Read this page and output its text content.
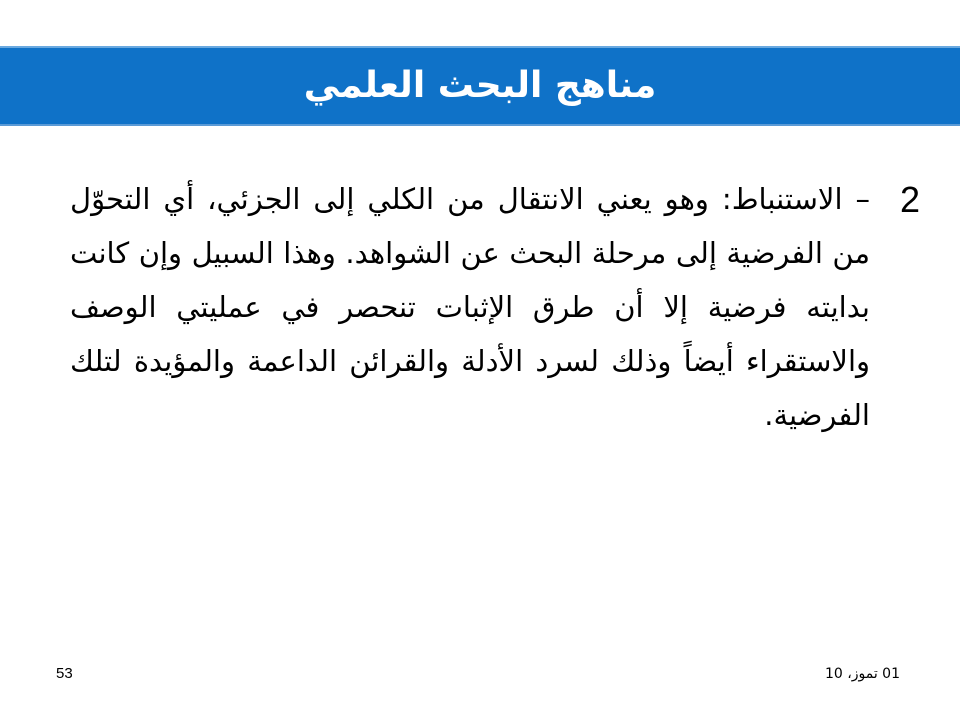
مناهج البحث العلمي
2
– الاستنباط: وهو يعني الانتقال من الكلي إلى الجزئي، أي التحوّل من الفرضية إلى مرحلة البحث عن الشواهد. وهذا السبيل وإن كانت بدايته فرضية إلا أن طرق الإثبات تنحصر في عمليتي الوصف والاستقراء أيضاً وذلك لسرد الأدلة والقرائن الداعمة والمؤيدة لتلك الفرضية.
53	01 تموز، 10
